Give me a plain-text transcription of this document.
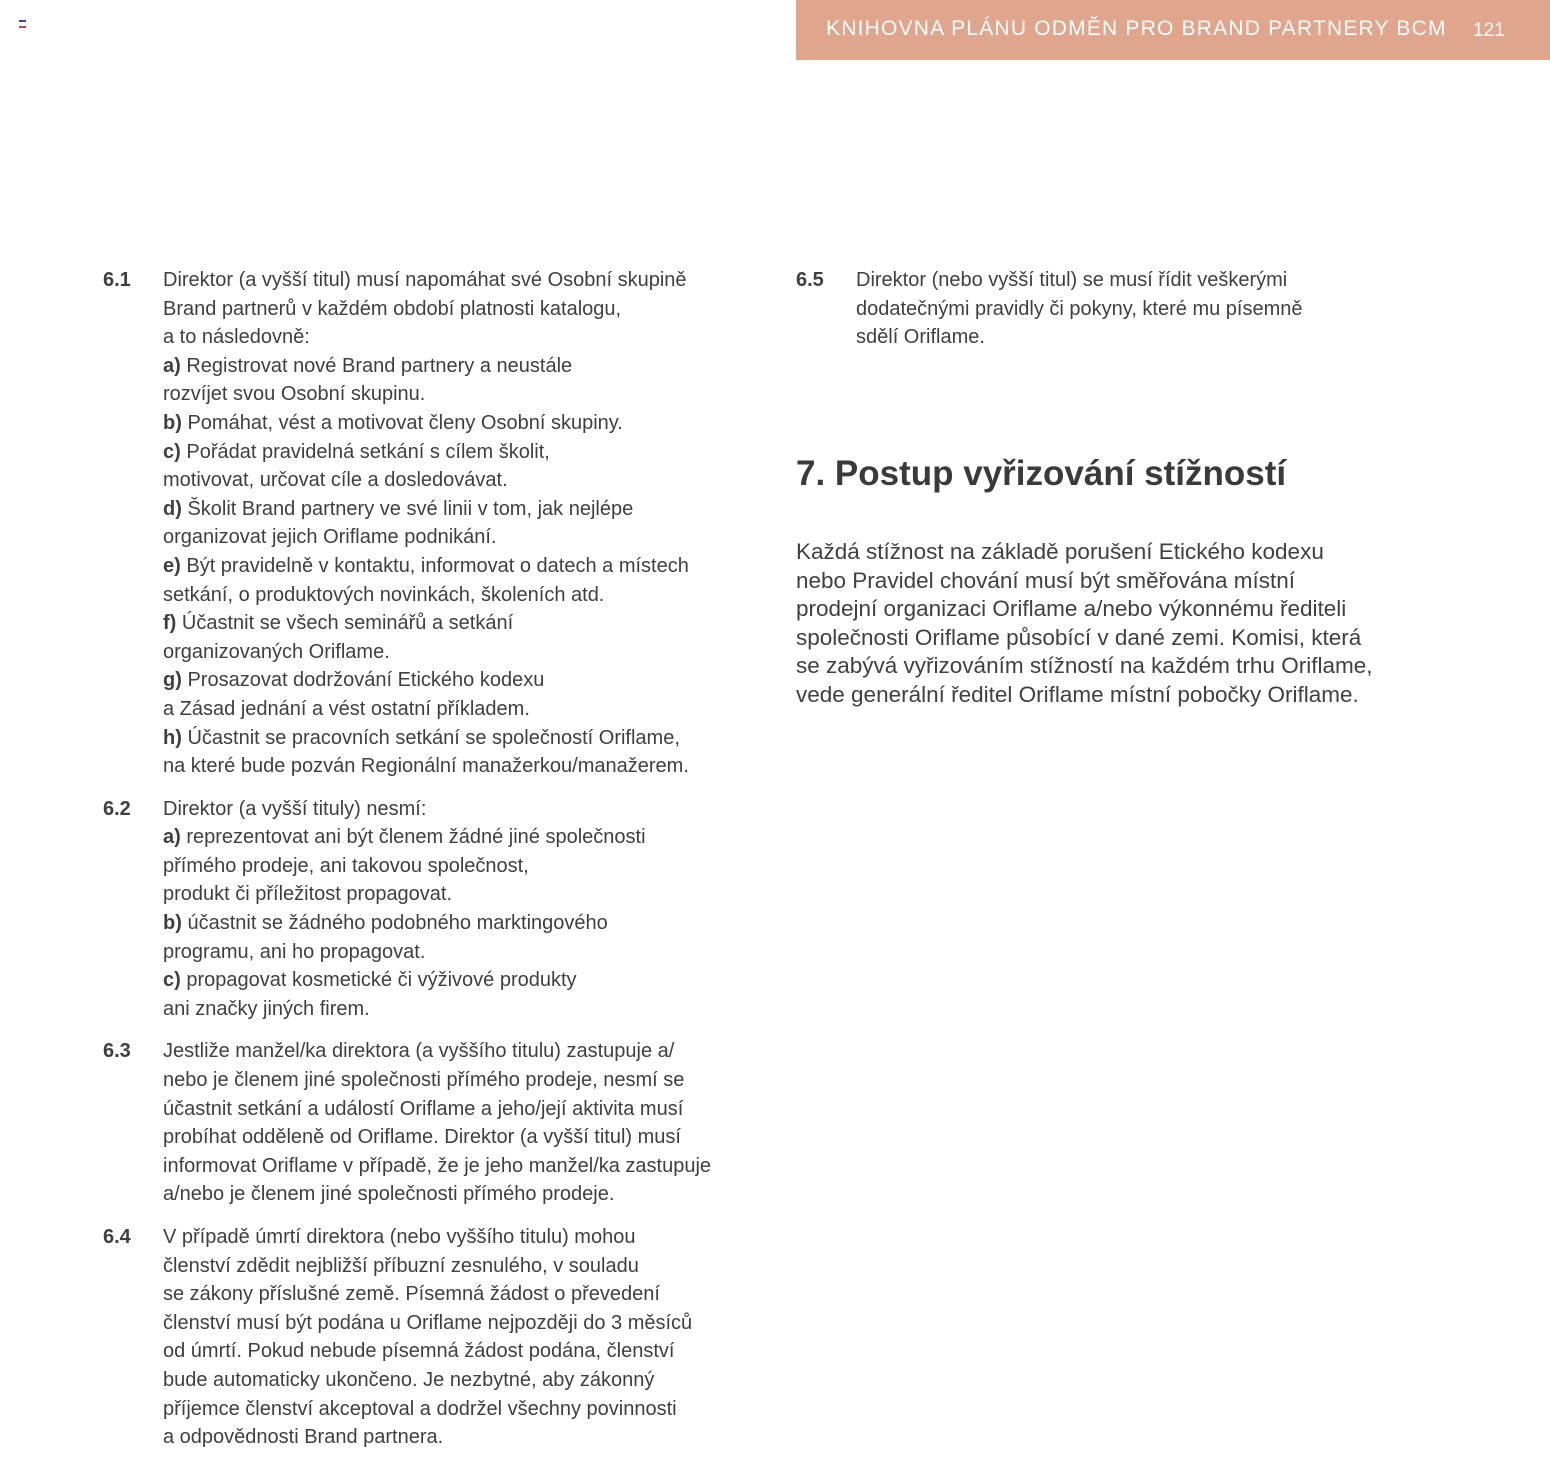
KNIHOVNA PLÁNU ODMĚN PRO BRAND PARTNERY BCM 121
6.1 Direktor (a vyšší titul) musí napomáhat své Osobní skupině
Brand partnerů v každém období platnosti katalogu,
a to následovně:
a) Registrovat nové Brand partnery a neustále
rozvíjet svou Osobní skupinu.
b) Pomáhat, vést a motivovat členy Osobní skupiny.
c) Pořádat pravidelná setkání s cílem školit,
motivovat, určovat cíle a dosledovávat.
d) Školit Brand partnery ve své linii v tom, jak nejlépe
organizovat jejich Oriflame podnikání.
e) Být pravidelně v kontaktu, informovat o datech a místech
setkání, o produktových novinkách, školeních atd.
f) Účastnit se všech seminářů a setkání
organizovaných Oriflame.
g) Prosazovat dodržování Etického kodexu
a Zásad jednání a vést ostatní příkladem.
h) Účastnit se pracovních setkání se společností Oriflame,
na které bude pozván Regionální manažerkou/manažerem.
6.2 Direktor (a vyšší tituly) nesmí:
a) reprezentovat ani být členem žádné jiné společnosti
přímého prodeje, ani takovou společnost,
produkt či příležitost propagovat.
b) účastnit se žádného podobného marktingového
programu, ani ho propagovat.
c) propagovat kosmetické či výživové produkty
ani značky jiných firem.
6.3 Jestliže manžel/ka direktora (a vyššího titulu) zastupuje a/
nebo je členem jiné společnosti přímého prodeje, nesmí se
účastnit setkání a událostí Oriflame a jeho/její aktivita musí
probíhat odděleně od Oriflame. Direktor (a vyšší titul) musí
informovat Oriflame v případě, že je jeho manžel/ka zastupuje
a/nebo je členem jiné společnosti přímého prodeje.
6.4 V případě úmrtí direktora (nebo vyššího titulu) mohou
členství zdědit nejbližší příbuzní zesnulého, v souladu
se zákony příslušné země. Písemná žádost o převedení
členství musí být podána u Oriflame nejpozději do 3 měsíců
od úmrtí. Pokud nebude písemná žádost podána, členství
bude automaticky ukončeno. Je nezbytné, aby zákonný
příjemce členství akceptoval a dodržel všechny povinnosti
a odpovědnosti Brand partnera.
6.5 Direktor (nebo vyšší titul) se musí řídit veškerými
dodatečnými pravidly či pokyny, které mu písemně
sdělí Oriflame.
7. Postup vyřizování stížností
Každá stížnost na základě porušení Etického kodexu
nebo Pravidel chování musí být směřována místní
prodejní organizaci Oriflame a/nebo výkonnému řediteli
společnosti Oriflame působící v dané zemi. Komisi, která
se zabývá vyřizováním stížností na každém trhu Oriflame,
vede generální ředitel Oriflame místní pobočky Oriflame.
